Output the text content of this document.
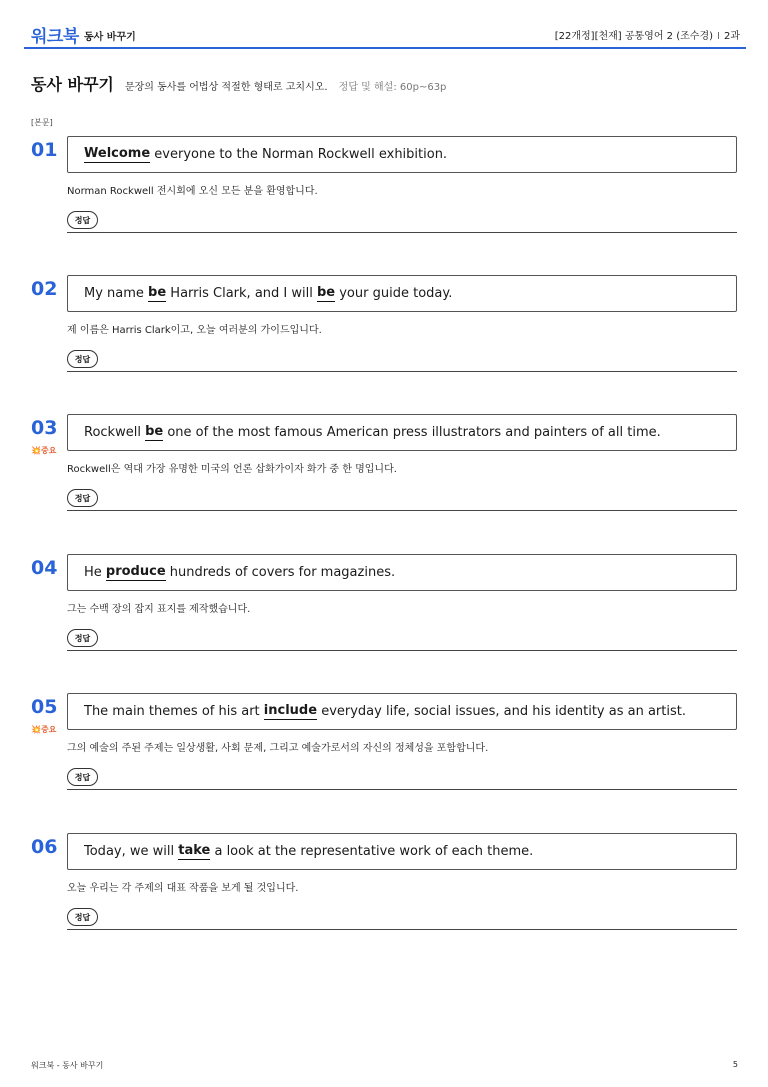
워크북 동사 바꾸기	[22개정][천재] 공통영어 2 (조수경) I 2과
동사 바꾸기 문장의 동사를 어법상 적절한 형태로 고치시오. 정답 및 해설: 60p~63p
[본문]
01 Welcome everyone to the Norman Rockwell exhibition.
Norman Rockwell 전시회에 오신 모든 분을 환영합니다.
정답
02 My name be Harris Clark, and I will be your guide today.
제 이름은 Harris Clark이고, 오늘 여러분의 가이드입니다.
정답
03
💥중요
Rockwell be one of the most famous American press illustrators and painters of all time.
Rockwell은 역대 가장 유명한 미국의 언론 삽화가이자 화가 중 한 명입니다.
정답
04 He produce hundreds of covers for magazines.
그는 수백 장의 잡지 표지를 제작했습니다.
정답
05
💥중요
The main themes of his art include everyday life, social issues, and his identity as an artist.
그의 예술의 주된 주제는 일상생활, 사회 문제, 그리고 예술가로서의 자신의 정체성을 포함합니다.
정답
06 Today, we will take a look at the representative work of each theme.
오늘 우리는 각 주제의 대표 작품을 보게 될 것입니다.
정답
워크북 - 동사 바꾸기	5
